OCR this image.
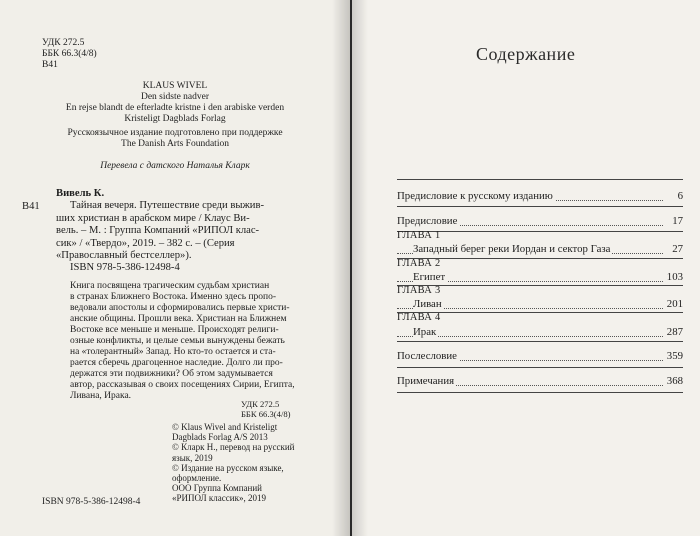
УДК 272.5
ББК 66.3(4/8)
В41
KLAUS WIVEL
Den sidste nadver
En rejse blandt de efterladte kristne i den arabiske verden
Kristeligt Dagblads Forlag
Русскоязычное издание подготовлено при поддержке
The Danish Arts Foundation
Перевела с датского Наталья Кларк
В41
Вивель К.
Тайная вечеря. Путешествие среди выжив-
ших христиан в арабском мире / Клаус Ви-
вель. – М. : Группа Компаний «РИПОЛ клас-
сик» / «Твердо», 2019. – 382 с. – (Серия
«Православный бестселлер»).
ISBN 978-5-386-12498-4
Книга посвящена трагическим судьбам христиан
в странах Ближнего Востока. Именно здесь пропо-
ведовали апостолы и сформировались первые христи-
анские общины. Прошли века. Христиан на Ближнем
Востоке все меньше и меньше. Происходят религи-
озные конфликты, и целые семьи вынуждены бежать
на «толерантный» Запад. Но кто-то остается и ста-
рается сберечь драгоценное наследие. Долго ли про-
держатся эти подвижники? Об этом задумывается
автор, рассказывая о своих посещениях Сирии, Египта,
Ливана, Ирака.
УДК 272.5
ББК 66.3(4/8)
© Klaus Wivel and Kristeligt
Dagblads Forlag A/S 2013
© Кларк Н., перевод на русский
язык, 2019
© Издание на русском языке,
оформление.
ООО Группа Компаний
«РИПОЛ классик», 2019
ISBN 978-5-386-12498-4
Содержание
Предисловие к русскому изданию	6
Предисловие	17
ГЛАВА 1
Западный берег реки Иордан и сектор Газа	27
ГЛАВА 2
Египет	103
ГЛАВА 3
Ливан	201
ГЛАВА 4
Ирак	287
Послесловие	359
Примечания	368
